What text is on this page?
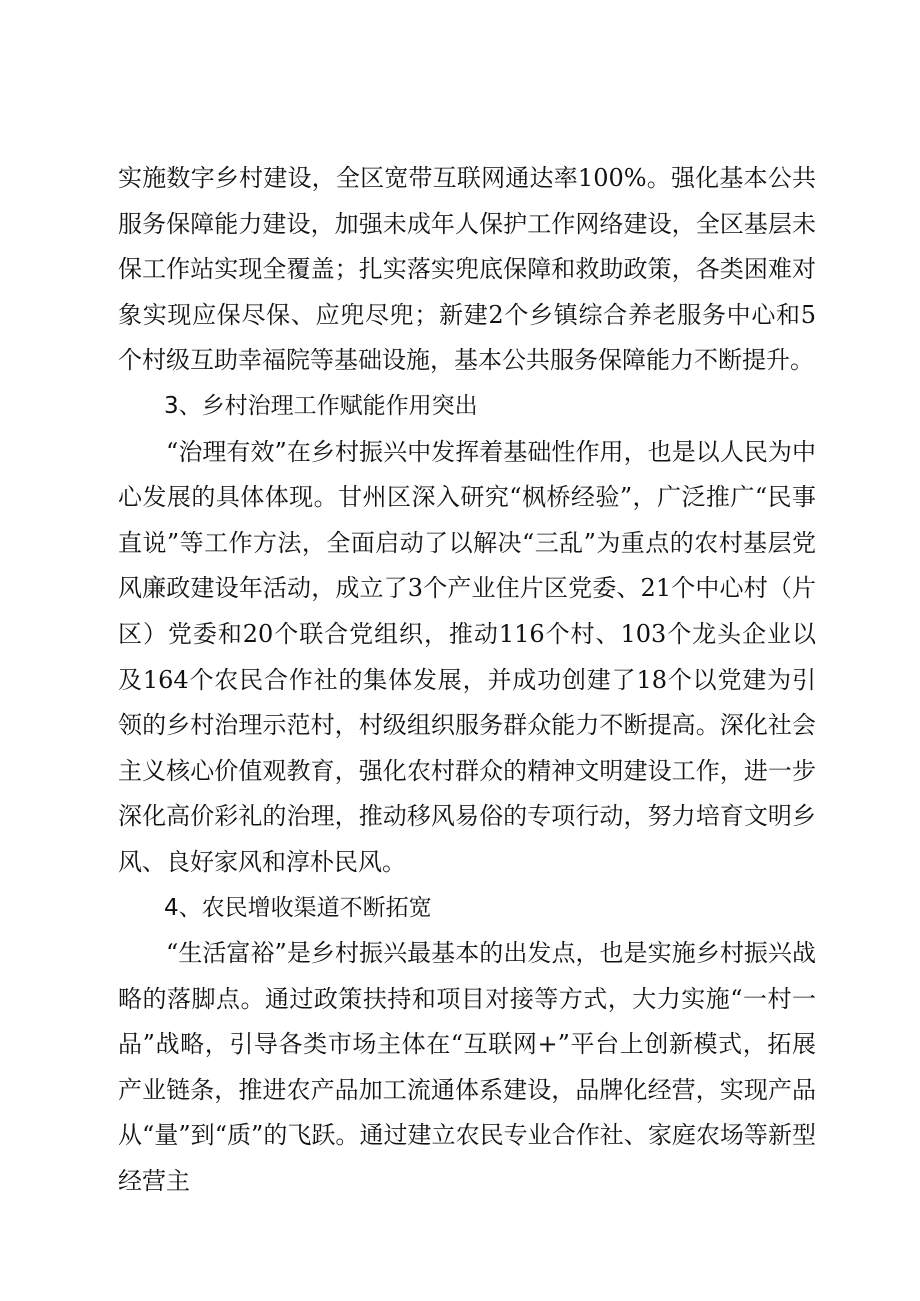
实施数字乡村建设，全区宽带互联网通达率100%。强化基本公共服务保障能力建设，加强未成年人保护工作网络建设，全区基层未保工作站实现全覆盖；扎实落实兜底保障和救助政策，各类困难对象实现应保尽保、应兜尽兜；新建2个乡镇综合养老服务中心和5个村级互助幸福院等基础设施，基本公共服务保障能力不断提升。

3、乡村治理工作赋能作用突出

“治理有效”在乡村振兴中发挥着基础性作用，也是以人民为中心发展的具体体现。甘州区深入研究“枫桥经验”，广泛推广“民事直说”等工作方法，全面启动了以解决“三乱”为重点的农村基层党风廉政建设年活动，成立了3个产业住片区党委、21个中心村（片区）党委和20个联合党组织，推动116个村、103个龙头企业以及164个农民合作社的集体发展，并成功创建了18个以党建为引领的乡村治理示范村，村级组织服务群众能力不断提高。深化社会主义核心价值观教育，强化农村群众的精神文明建设工作，进一步深化高价彩礼的治理，推动移风易俗的专项行动，努力培育文明乡风、良好家风和淳朴民风。

4、农民增收渠道不断拓宽

“生活富裕”是乡村振兴最基本的出发点，也是实施乡村振兴战略的落脚点。通过政策扶持和项目对接等方式，大力实施“一村一品”战略，引导各类市场主体在“互联网+”平台上创新模式，拓展产业链条，推进农产品加工流通体系建设，品牌化经营，实现产品从“量”到“质”的飞跃。通过建立农民专业合作社、家庭农场等新型经营主
